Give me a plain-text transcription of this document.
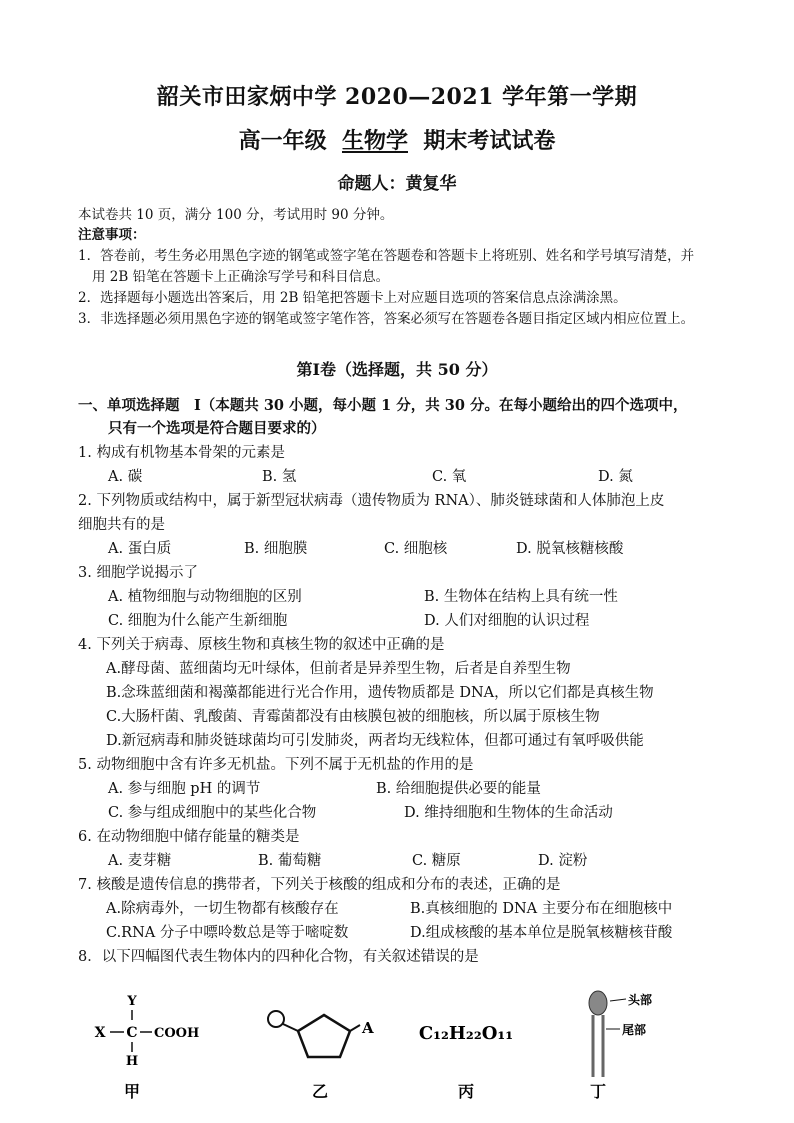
韶关市田家炳中学 2020—2021 学年第一学期
高一年级 生物学 期末考试试卷
命题人：黄复华
本试卷共 10 页，满分 100 分，考试用时 90 分钟。
注意事项：
1．答卷前，考生务必用黑色字迹的钢笔或签字笔在答题卷和答题卡上将班别、姓名和学号填写清楚，并
用 2B 铅笔在答题卡上正确涂写学号和科目信息。
2．选择题每小题选出答案后，用 2B 铅笔把答题卡上对应题目选项的答案信息点涂满涂黑。
3．非选择题必须用黑色字迹的钢笔或签字笔作答，答案必须写在答题卷各题目指定区域内相应位置上。
第Ⅰ卷（选择题，共 50 分）
一、单项选择题　Ⅰ（本题共 30 小题，每小题 1 分，共 30 分。在每小题给出的四个选项中，
只有一个选项是符合题目要求的）
1. 构成有机物基本骨架的元素是
A. 碳	B. 氢	C. 氧	D. 氮
2. 下列物质或结构中，属于新型冠状病毒（遗传物质为 RNA）、肺炎链球菌和人体肺泡上皮
细胞共有的是
A. 蛋白质	B. 细胞膜	C. 细胞核	D. 脱氧核糖核酸
3. 细胞学说揭示了
A. 植物细胞与动物细胞的区别	B. 生物体在结构上具有统一性
C. 细胞为什么能产生新细胞	D. 人们对细胞的认识过程
4. 下列关于病毒、原核生物和真核生物的叙述中正确的是
A.酵母菌、蓝细菌均无叶绿体，但前者是异养型生物，后者是自养型生物
B.念珠蓝细菌和褐藻都能进行光合作用，遗传物质都是 DNA，所以它们都是真核生物
C.大肠杆菌、乳酸菌、青霉菌都没有由核膜包被的细胞核，所以属于原核生物
D.新冠病毒和肺炎链球菌均可引发肺炎，两者均无线粒体，但都可通过有氧呼吸供能
5. 动物细胞中含有许多无机盐。下列不属于无机盐的作用的是
A. 参与细胞 pH 的调节	B. 给细胞提供必要的能量
C. 参与组成细胞中的某些化合物	D. 维持细胞和生物体的生命活动
6. 在动物细胞中储存能量的糖类是
A. 麦芽糖	B. 葡萄糖	C. 糖原	D. 淀粉
7. 核酸是遗传信息的携带者，下列关于核酸的组成和分布的表述，正确的是
A.除病毒外，一切生物都有核酸存在	B.真核细胞的 DNA 主要分布在细胞核中
C.RNA 分子中嘌呤数总是等于嘧啶数	D.组成核酸的基本单位是脱氧核糖核苷酸
8．以下四幅图代表生物体内的四种化合物，有关叙述错误的是
Y
X C COOH
H
甲
A
乙
C₁₂H₂₂O₁₁
丙
头部
尾部
丁
